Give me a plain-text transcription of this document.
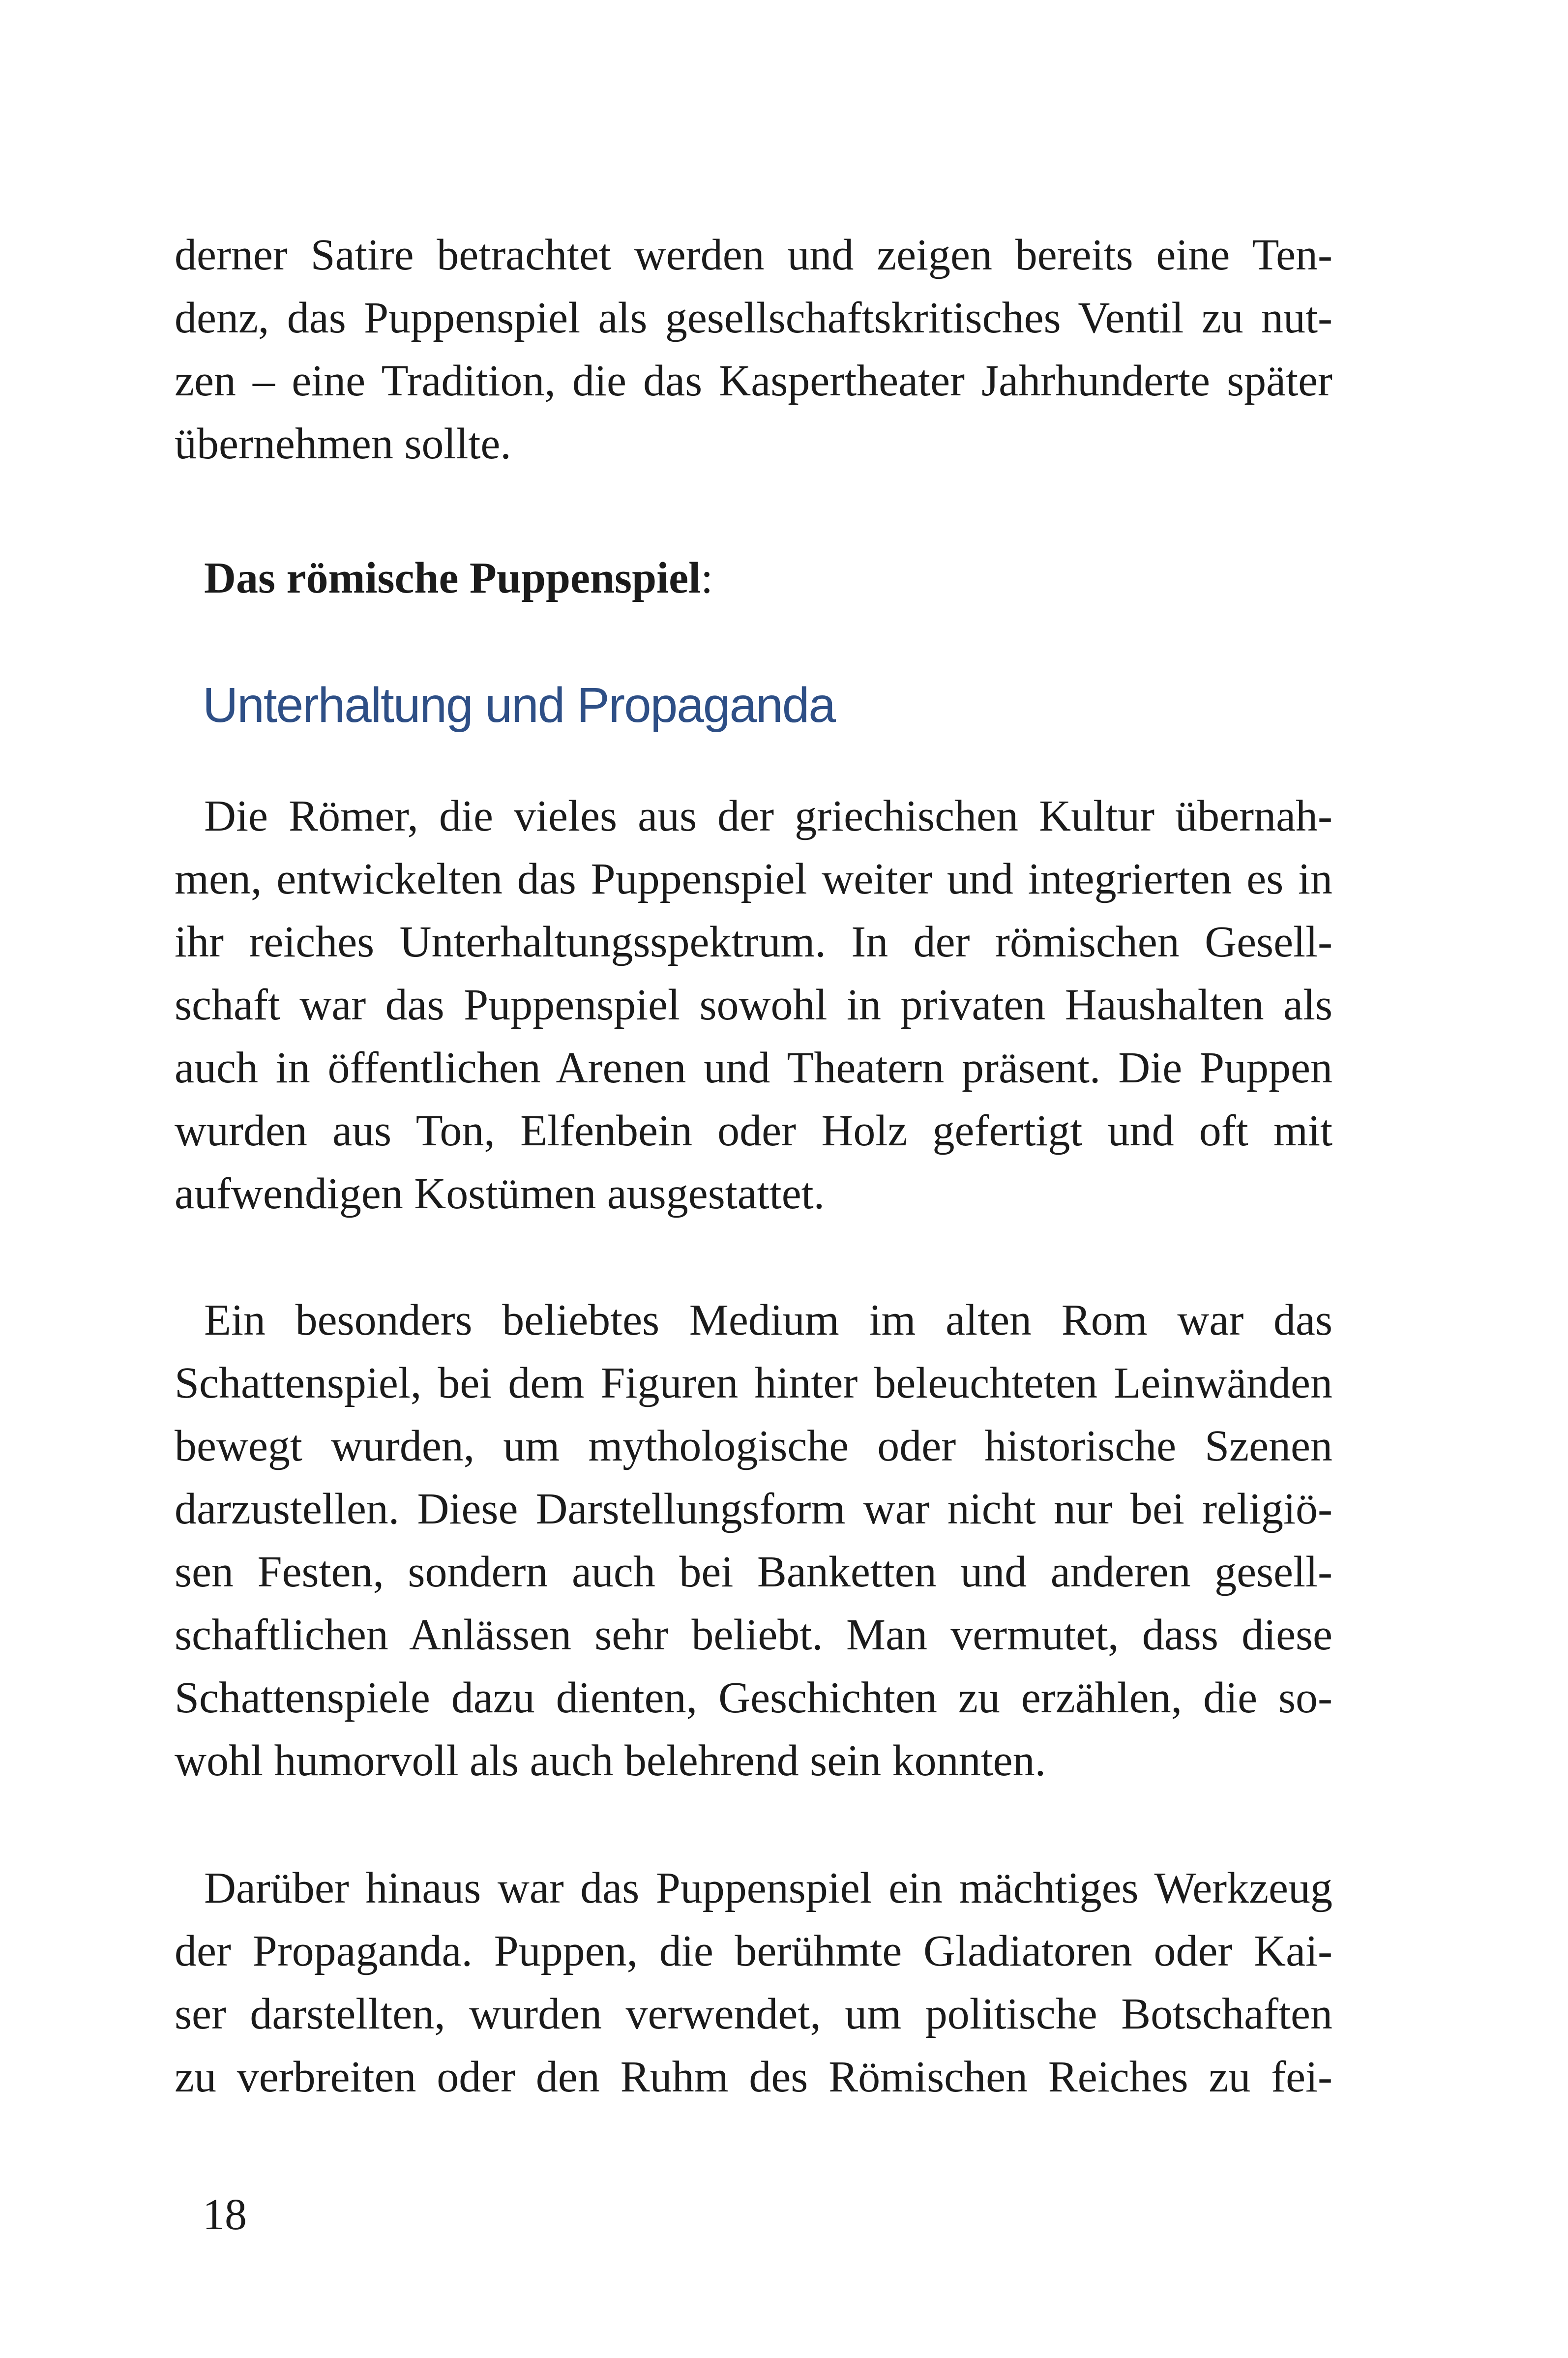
derner Satire betrachtet werden und zeigen bereits eine Ten-
denz, das Puppenspiel als gesellschaftskritisches Ventil zu nut-
zen – eine Tradition, die das Kaspertheater Jahrhunderte später
übernehmen sollte.

Das römische Puppenspiel:

Unterhaltung und Propaganda

Die Römer, die vieles aus der griechischen Kultur übernah-
men, entwickelten das Puppenspiel weiter und integrierten es in
ihr reiches Unterhaltungsspektrum. In der römischen Gesell-
schaft war das Puppenspiel sowohl in privaten Haushalten als
auch in öffentlichen Arenen und Theatern präsent. Die Puppen
wurden aus Ton, Elfenbein oder Holz gefertigt und oft mit
aufwendigen Kostümen ausgestattet.

Ein besonders beliebtes Medium im alten Rom war das
Schattenspiel, bei dem Figuren hinter beleuchteten Leinwänden
bewegt wurden, um mythologische oder historische Szenen
darzustellen. Diese Darstellungsform war nicht nur bei religiö-
sen Festen, sondern auch bei Banketten und anderen gesell-
schaftlichen Anlässen sehr beliebt. Man vermutet, dass diese
Schattenspiele dazu dienten, Geschichten zu erzählen, die so-
wohl humorvoll als auch belehrend sein konnten.

Darüber hinaus war das Puppenspiel ein mächtiges Werkzeug
der Propaganda. Puppen, die berühmte Gladiatoren oder Kai-
ser darstellten, wurden verwendet, um politische Botschaften
zu verbreiten oder den Ruhm des Römischen Reiches zu fei-

18
